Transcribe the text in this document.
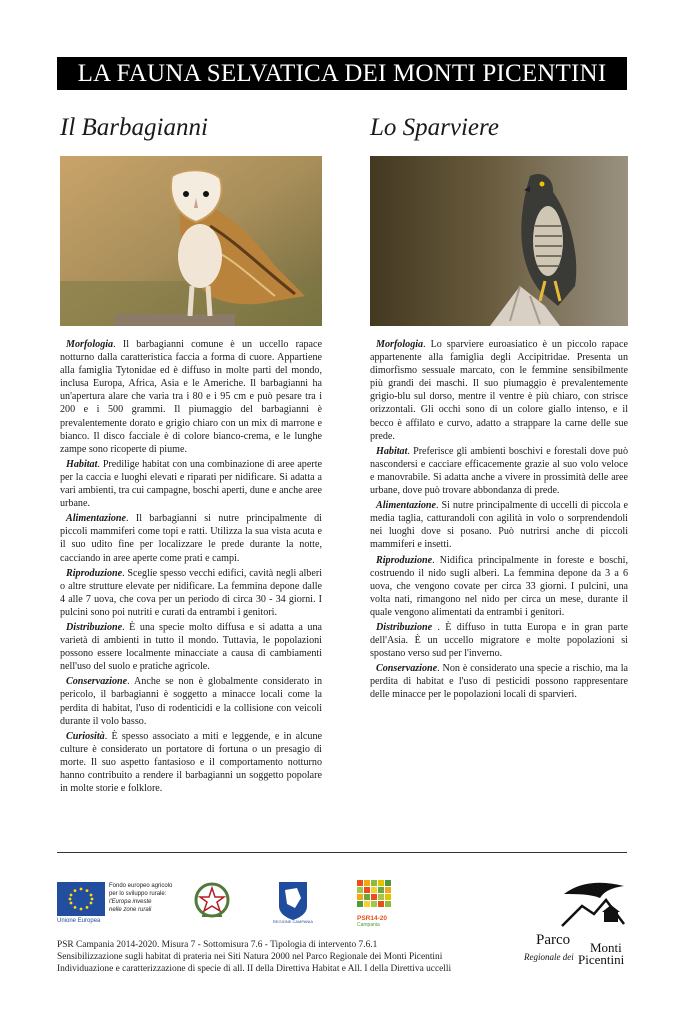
LA FAUNA SELVATICA DEI MONTI PICENTINI
Il Barbagianni

Morfologia. Il barbagianni comune è un uccello rapace notturno dalla caratteristica faccia a forma di cuore. Appartiene alla famiglia Tytonidae ed è diffuso in molte parti del mondo, inclusa Europa, Africa, Asia e le Americhe. Il barbagianni ha un'apertura alare che varia tra i 80 e i 95 cm e può pesare tra i 200 e i 500 grammi. Il piumaggio del barbagianni è prevalentemente dorato e grigio chiaro con un mix di marrone e bianco. Il disco facciale è di colore bianco-crema, e le lunghe zampe sono ricoperte di piume.

Habitat. Predilige habitat con una combinazione di aree aperte per la caccia e luoghi elevati e riparati per nidificare. Si adatta a vari ambienti, tra cui campagne, boschi aperti, dune e anche aree urbane.

Alimentazione. Il barbagianni si nutre principalmente di piccoli mammiferi come topi e ratti. Utilizza la sua vista acuta e il suo udito fine per localizzare le prede durante la notte, cacciando in aree aperte come prati e campi.

Riproduzione. Sceglie spesso vecchi edifici, cavità negli alberi o altre strutture elevate per nidificare. La femmina depone dalle 4 alle 7 uova, che cova per un periodo di circa 30 - 34 giorni. I pulcini sono poi nutriti e curati da entrambi i genitori.

Distribuzione. È una specie molto diffusa e si adatta a una varietà di ambienti in tutto il mondo. Tuttavia, le popolazioni possono essere localmente minacciate a causa di cambiamenti nell'uso del suolo e pratiche agricole.

Conservazione. Anche se non è globalmente considerato in pericolo, il barbagianni è soggetto a minacce locali come la perdita di habitat, l'uso di rodenticidi e la collisione con veicoli durante il volo basso.

Curiosità. È spesso associato a miti e leggende, e in alcune culture è considerato un portatore di fortuna o un presagio di morte. Il suo aspetto fantasioso e il comportamento notturno hanno contribuito a rendere il barbagianni un soggetto popolare in molte storie e folklore.

Lo Sparviere

Morfologia. Lo sparviere euroasiatico è un piccolo rapace appartenente alla famiglia degli Accipitridae. Presenta un dimorfismo sessuale marcato, con le femmine sensibilmente più grandi dei maschi. Il suo piumaggio è prevalentemente grigio-blu sul dorso, mentre il ventre è più chiaro, con strisce orizzontali. Gli occhi sono di un colore giallo intenso, e il becco è affilato e curvo, adatto a strappare la carne delle sue prede.

Habitat. Preferisce gli ambienti boschivi e forestali dove può nascondersi e cacciare efficacemente grazie al suo volo veloce e manovrabile. Si adatta anche a vivere in prossimità delle aree urbane, dove può trovare abbondanza di prede.

Alimentazione. Si nutre principalmente di uccelli di piccola e media taglia, catturandoli con agilità in volo o sorprendendoli nei luoghi dove si posano. Può nutrirsi anche di piccoli mammiferi e insetti.

Riproduzione. Nidifica principalmente in foreste e boschi, costruendo il nido sugli alberi. La femmina depone da 3 a 6 uova, che vengono covate per circa 33 giorni. I pulcini, una volta nati, rimangono nel nido per circa un mese, durante il quale vengono alimentati da entrambi i genitori.

Distribuzione . È diffuso in tutta Europa e in gran parte dell'Asia. È un uccello migratore e molte popolazioni si spostano verso sud per l'inverno.

Conservazione. Non è considerato una specie a rischio, ma la perdita di habitat e l'uso di pesticidi possono rappresentare delle minacce per le popolazioni locali di sparvieri.

Unione Europea
Fondo europeo agricolo
per lo sviluppo rurale:
l'Europa investe
nelle zone rurali
REGIONE CAMPANIA	PSR14-20
Campania
PSR Campania 2014-2020. Misura 7 - Sottomisura 7.6 - Tipologia di intervento 7.6.1
Sensibilizzazione sugli habitat di prateria nei Siti Natura 2000 nel Parco Regionale dei Monti Picentini
Individuazione e caratterizzazione di specie di all. II della Direttiva Habitat e All. I della Direttiva uccelli
Parco Monti
Regionale dei Picentini
